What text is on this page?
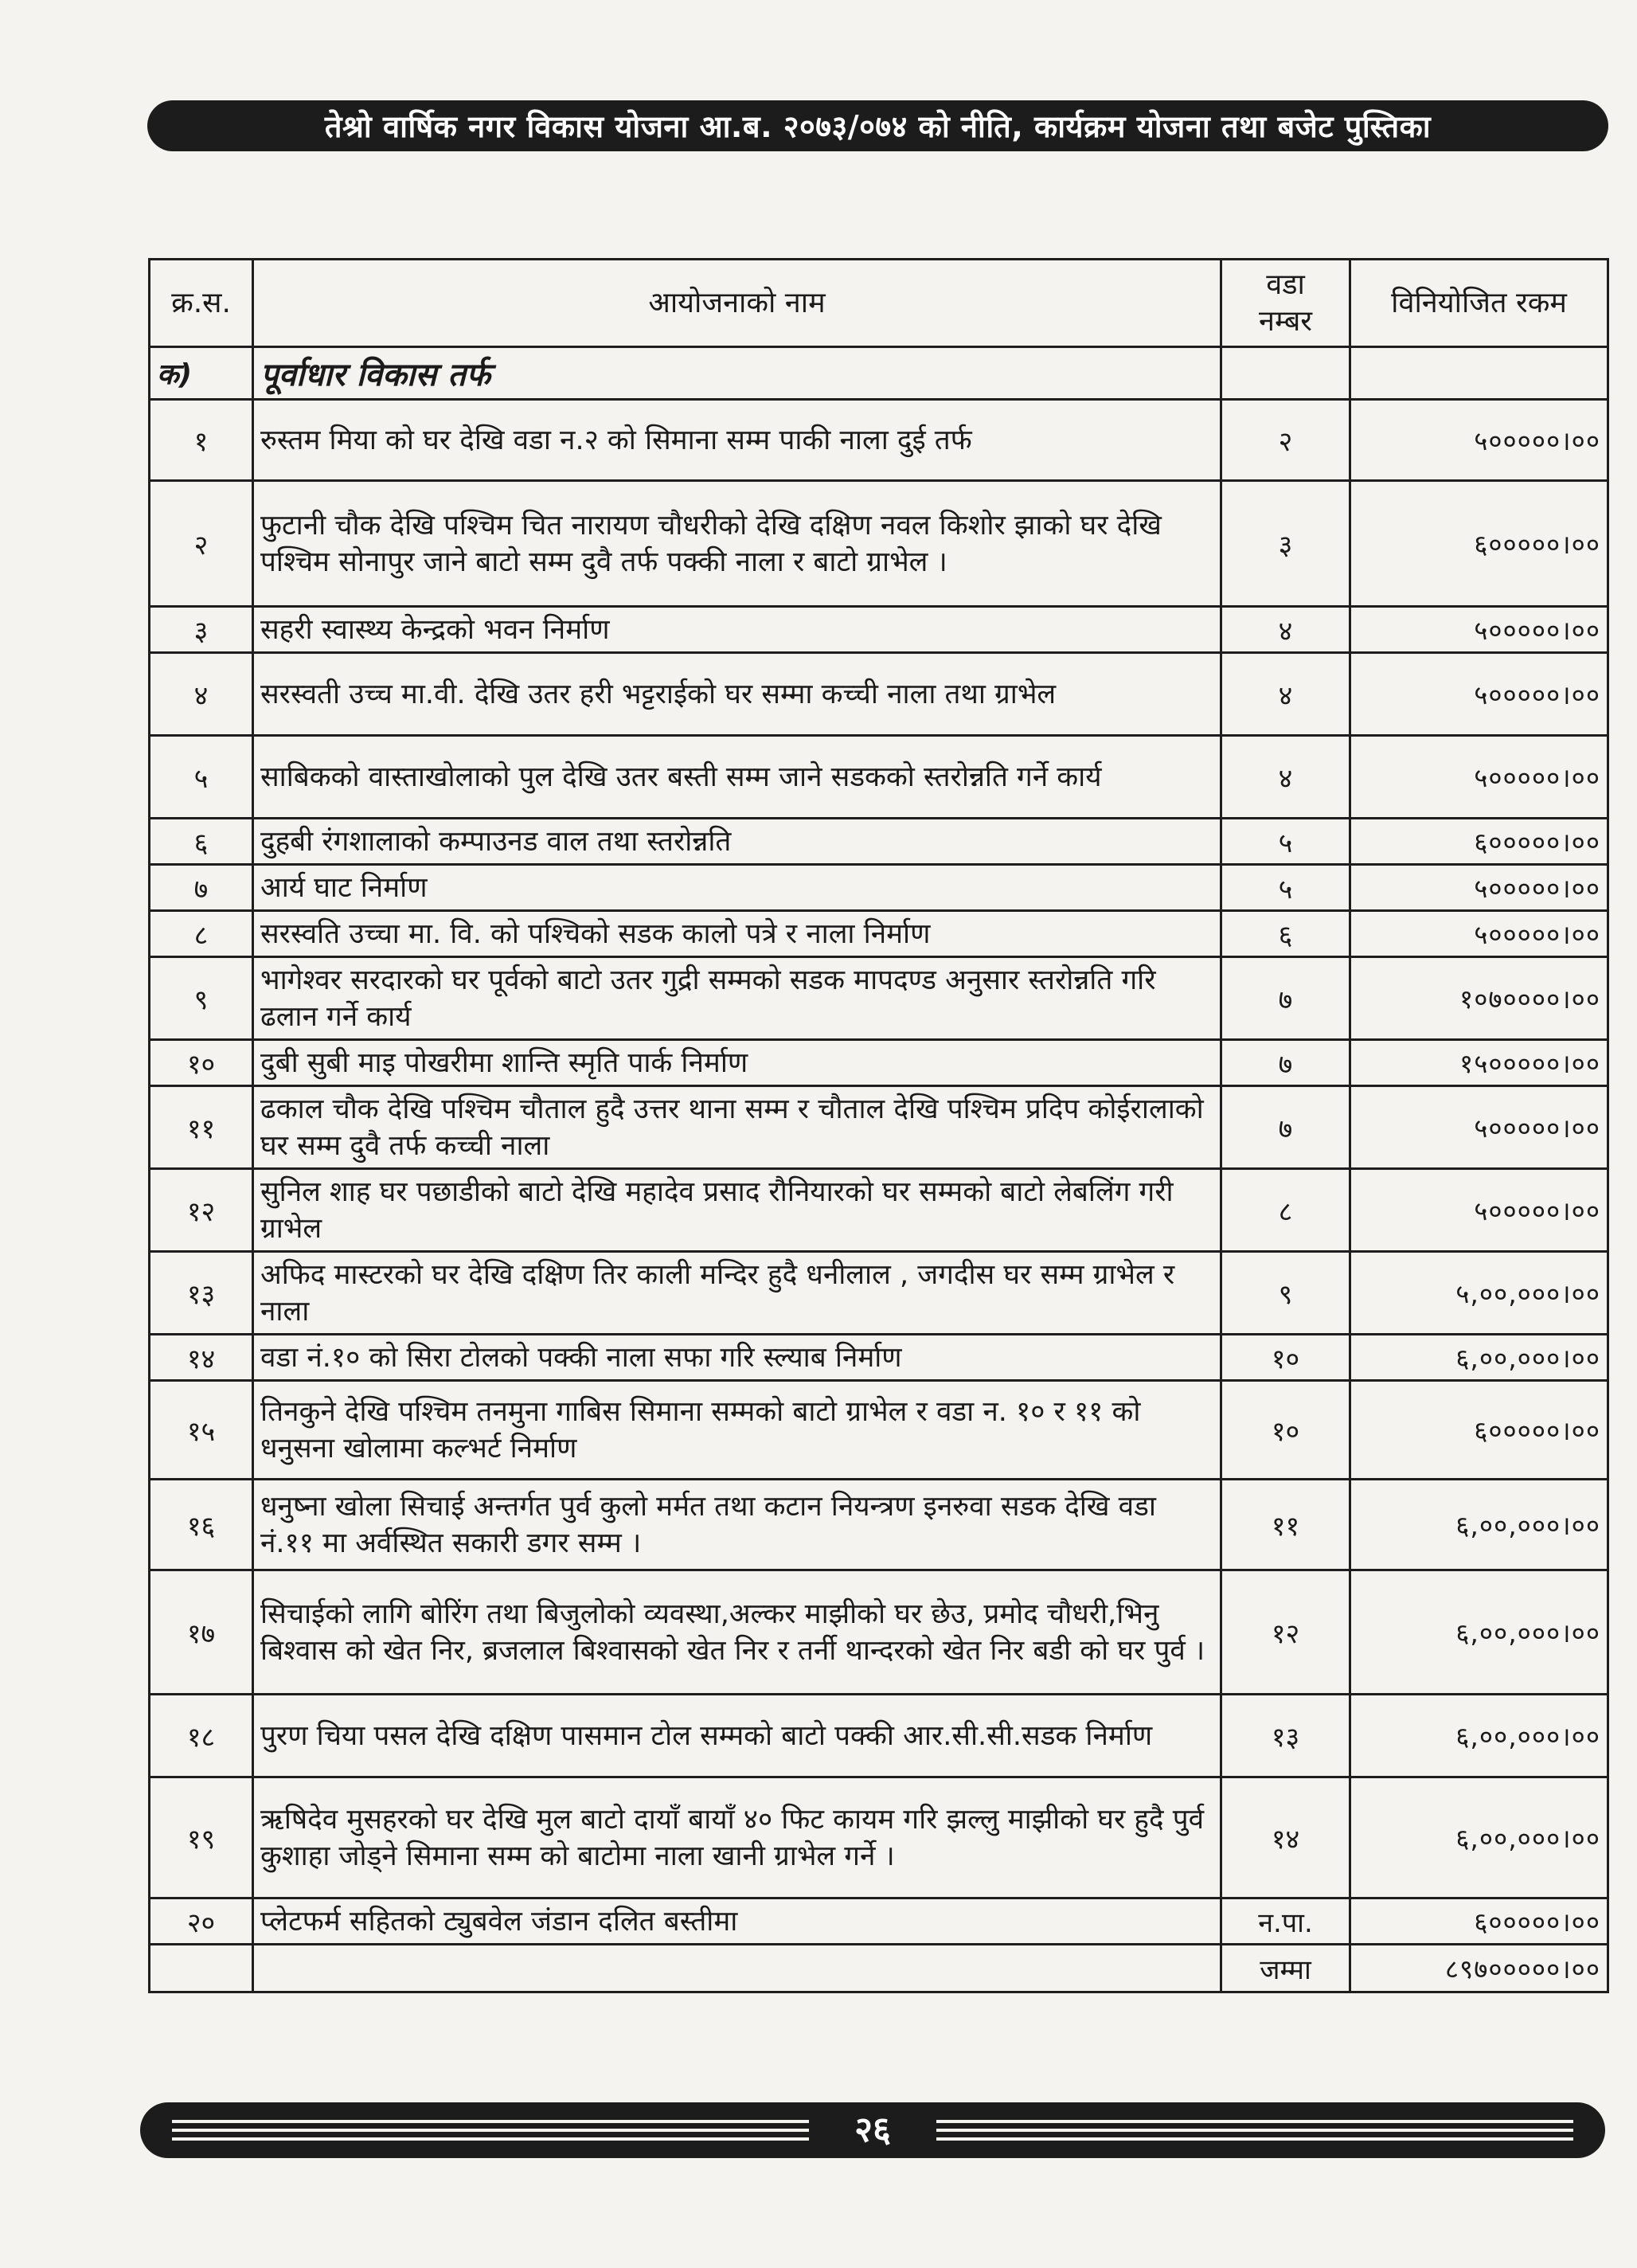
तेश्रो वार्षिक नगर विकास योजना आ.ब. २०७३/०७४ को नीति, कार्यक्रम योजना तथा बजेट पुस्तिका
क्र.स.	आयोजनाको नाम	वडा नम्बर	विनियोजित रकम
क)	पूर्वाधार विकास तर्फ		
१	रुस्तम मिया को घर देखि वडा न.२ को सिमाना सम्म पाकी नाला दुई तर्फ	२	५०००००।००
२	फुटानी चौक देखि पश्चिम चित नारायण चौधरीको देखि दक्षिण नवल किशोर झाको घर देखि पश्चिम सोनापुर जाने बाटो सम्म दुवै तर्फ पक्की नाला र बाटो ग्राभेल ।	३	६०००००।००
३	सहरी स्वास्थ्य केन्द्रको भवन निर्माण	४	५०००००।००
४	सरस्वती उच्च मा.वी. देखि उतर हरी भट्टराईको घर सम्मा कच्ची नाला तथा ग्राभेल	४	५०००००।००
५	साबिकको वास्ताखोलाको पुल देखि उतर बस्ती सम्म जाने सडकको स्तरोन्नति गर्ने कार्य	४	५०००००।००
६	दुहबी रंगशालाको कम्पाउनड वाल तथा स्तरोन्नति	५	६०००००।००
७	आर्य घाट निर्माण	५	५०००००।००
८	सरस्वति उच्चा मा. वि. को पश्चिको सडक कालो पत्रे र नाला निर्माण	६	५०००००।००
९	भागेश्वर सरदारको घर पूर्वको बाटो उतर गुद्री सम्मको सडक मापदण्ड अनुसार स्तरोन्नति गरि ढलान गर्ने कार्य	७	१०७००००।००
१०	दुबी सुबी माइ पोखरीमा शान्ति स्मृति पार्क निर्माण	७	१५०००००।००
११	ढकाल चौक देखि पश्चिम चौताल हुदै उत्तर थाना सम्म र चौताल देखि पश्चिम प्रदिप कोईरालाको घर सम्म दुवै तर्फ कच्ची नाला	७	५०००००।००
१२	सुनिल शाह घर पछाडीको बाटो देखि महादेव प्रसाद रौनियारको घर सम्मको बाटो लेबलिंग गरी ग्राभेल	८	५०००००।००
१३	अफिद मास्टरको घर देखि दक्षिण तिर काली मन्दिर हुदै धनीलाल , जगदीस घर सम्म ग्राभेल र नाला	९	५,००,०००।००
१४	वडा नं.१० को सिरा टोलको पक्की नाला सफा गरि स्ल्याब निर्माण	१०	६,००,०००।००
१५	तिनकुने देखि पश्चिम तनमुना गाबिस सिमाना सम्मको बाटो ग्राभेल र वडा न. १० र ११ को धनुसना खोलामा कल्भर्ट निर्माण	१०	६०००००।००
१६	धनुष्ना खोला सिचाई अन्तर्गत पुर्व कुलो मर्मत तथा कटान नियन्त्रण इनरुवा सडक देखि वडा नं.११ मा अर्वस्थित सकारी डगर सम्म ।	११	६,००,०००।००
१७	सिचाईको लागि बोरिंग तथा बिजुलोको व्यवस्था,अल्कर माझीको घर छेउ, प्रमोद चौधरी,भिनु बिश्वास को खेत निर, ब्रजलाल बिश्वासको खेत निर र तर्नी थान्दरको खेत निर बडी को घर पुर्व ।	१२	६,००,०००।००
१८	पुरण चिया पसल देखि दक्षिण पासमान टोल सम्मको बाटो पक्की आर.सी.सी.सडक निर्माण	१३	६,००,०००।००
१९	ऋषिदेव मुसहरको घर देखि मुल बाटो दायाँ बायाँ ४० फिट कायम गरि झल्लु माझीको घर हुदै पुर्व कुशाहा जोड्ने सिमाना सम्म को बाटोमा नाला खानी ग्राभेल गर्ने ।	१४	६,००,०००।००
२०	प्लेटफर्म सहितको ट्युबवेल जंडान दलित बस्तीमा	न.पा.	६०००००।००
		जम्मा	८९७०००००।००
२६
